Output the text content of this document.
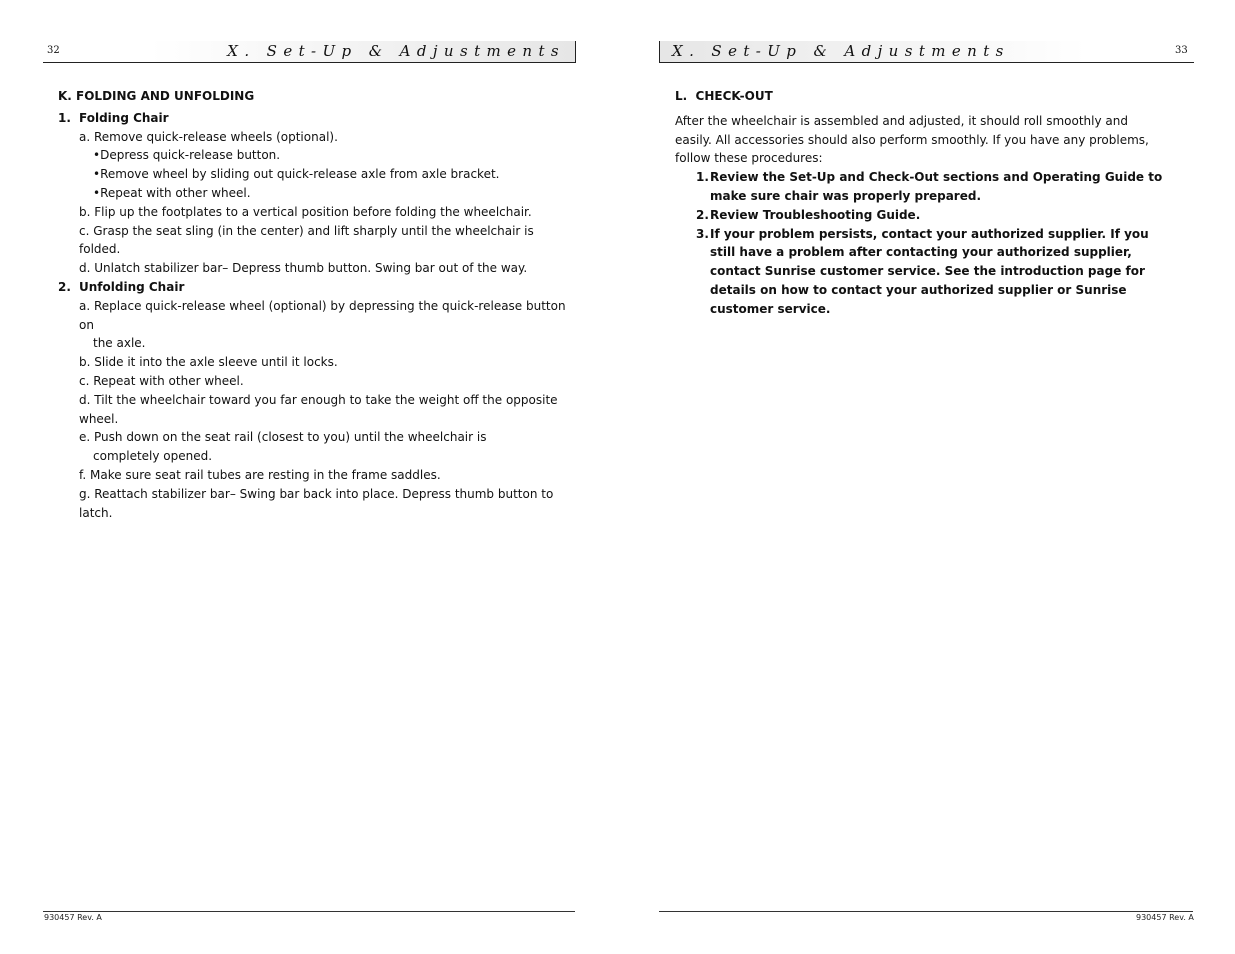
X. Set-Up & Adjustments
32

K. FOLDING AND UNFOLDING

1. Folding Chair

a. Remove quick-release wheels (optional).

•Depress quick-release button.

•Remove wheel by sliding out quick-release axle from axle bracket.

•Repeat with other wheel.

b. Flip up the footplates to a vertical position before folding the wheelchair.

c. Grasp the seat sling (in the center) and lift sharply until the wheelchair is folded.

d. Unlatch stabilizer bar– Depress thumb button. Swing bar out of the way.

2. Unfolding Chair

a. Replace quick-release wheel (optional) by depressing the quick-release button on

the axle.

b. Slide it into the axle sleeve until it locks.

c. Repeat with other wheel.

d. Tilt the wheelchair toward you far enough to take the weight off the opposite wheel.

e. Push down on the seat rail (closest to you) until the wheelchair is

completely opened.

f. Make sure seat rail tubes are resting in the frame saddles.

g. Reattach stabilizer bar– Swing bar back into place. Depress thumb button to latch.

930457 Rev. A
X. Set-Up & Adjustments	33

L.  CHECK-OUT

After the wheelchair is assembled and adjusted, it should roll smoothly and easily. All accessories should also perform smoothly. If you have any problems, follow these procedures:

1. Review the Set-Up and Check-Out sections and Operating Guide to make sure chair was properly prepared.
2. Review Troubleshooting Guide.
3. If your problem persists, contact your authorized supplier. If you still have a problem after contacting your authorized supplier, contact Sunrise customer service. See the introduction page for details on how to contact your authorized supplier or Sunrise customer service.
930457 Rev. A
